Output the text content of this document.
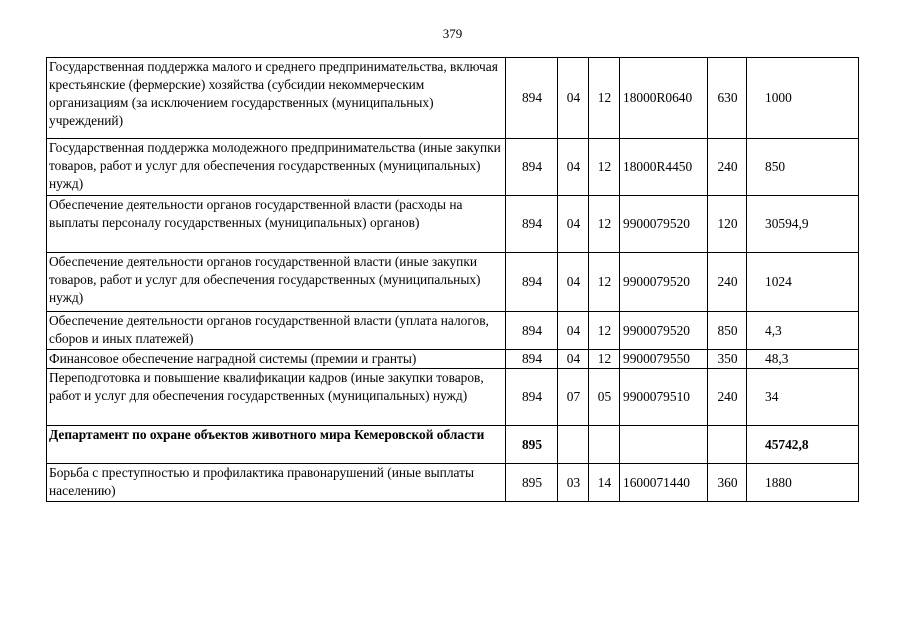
379
Государственная поддержка малого и среднего предпринимательства, включая крестьянские (фермерские) хозяйства (субсидии некоммерческим организациям (за исключением государственных (муниципальных) учреждений)	894	04	12	18000R0640	630	1000
Государственная поддержка молодежного предпринимательства (иные закупки товаров, работ и услуг для обеспечения государственных (муниципальных) нужд)	894	04	12	18000R4450	240	850
Обеспечение деятельности органов государственной власти (расходы на выплаты персоналу государственных (муниципальных) органов)	894	04	12	9900079520	120	30594,9
Обеспечение деятельности органов государственной власти (иные закупки товаров, работ и услуг для обеспечения государственных (муниципальных) нужд)	894	04	12	9900079520	240	1024
Обеспечение деятельности органов государственной власти (уплата налогов, сборов и иных платежей)	894	04	12	9900079520	850	4,3
Финансовое обеспечение наградной системы (премии и гранты)	894	04	12	9900079550	350	48,3
Переподготовка и повышение квалификации кадров (иные закупки товаров, работ и услуг для обеспечения государственных (муниципальных) нужд)	894	07	05	9900079510	240	34
Департамент по охране объектов животного мира Кемеровской области	895					45742,8
Борьба с преступностью и профилактика правонарушений (иные выплаты населению)	895	03	14	1600071440	360	1880
